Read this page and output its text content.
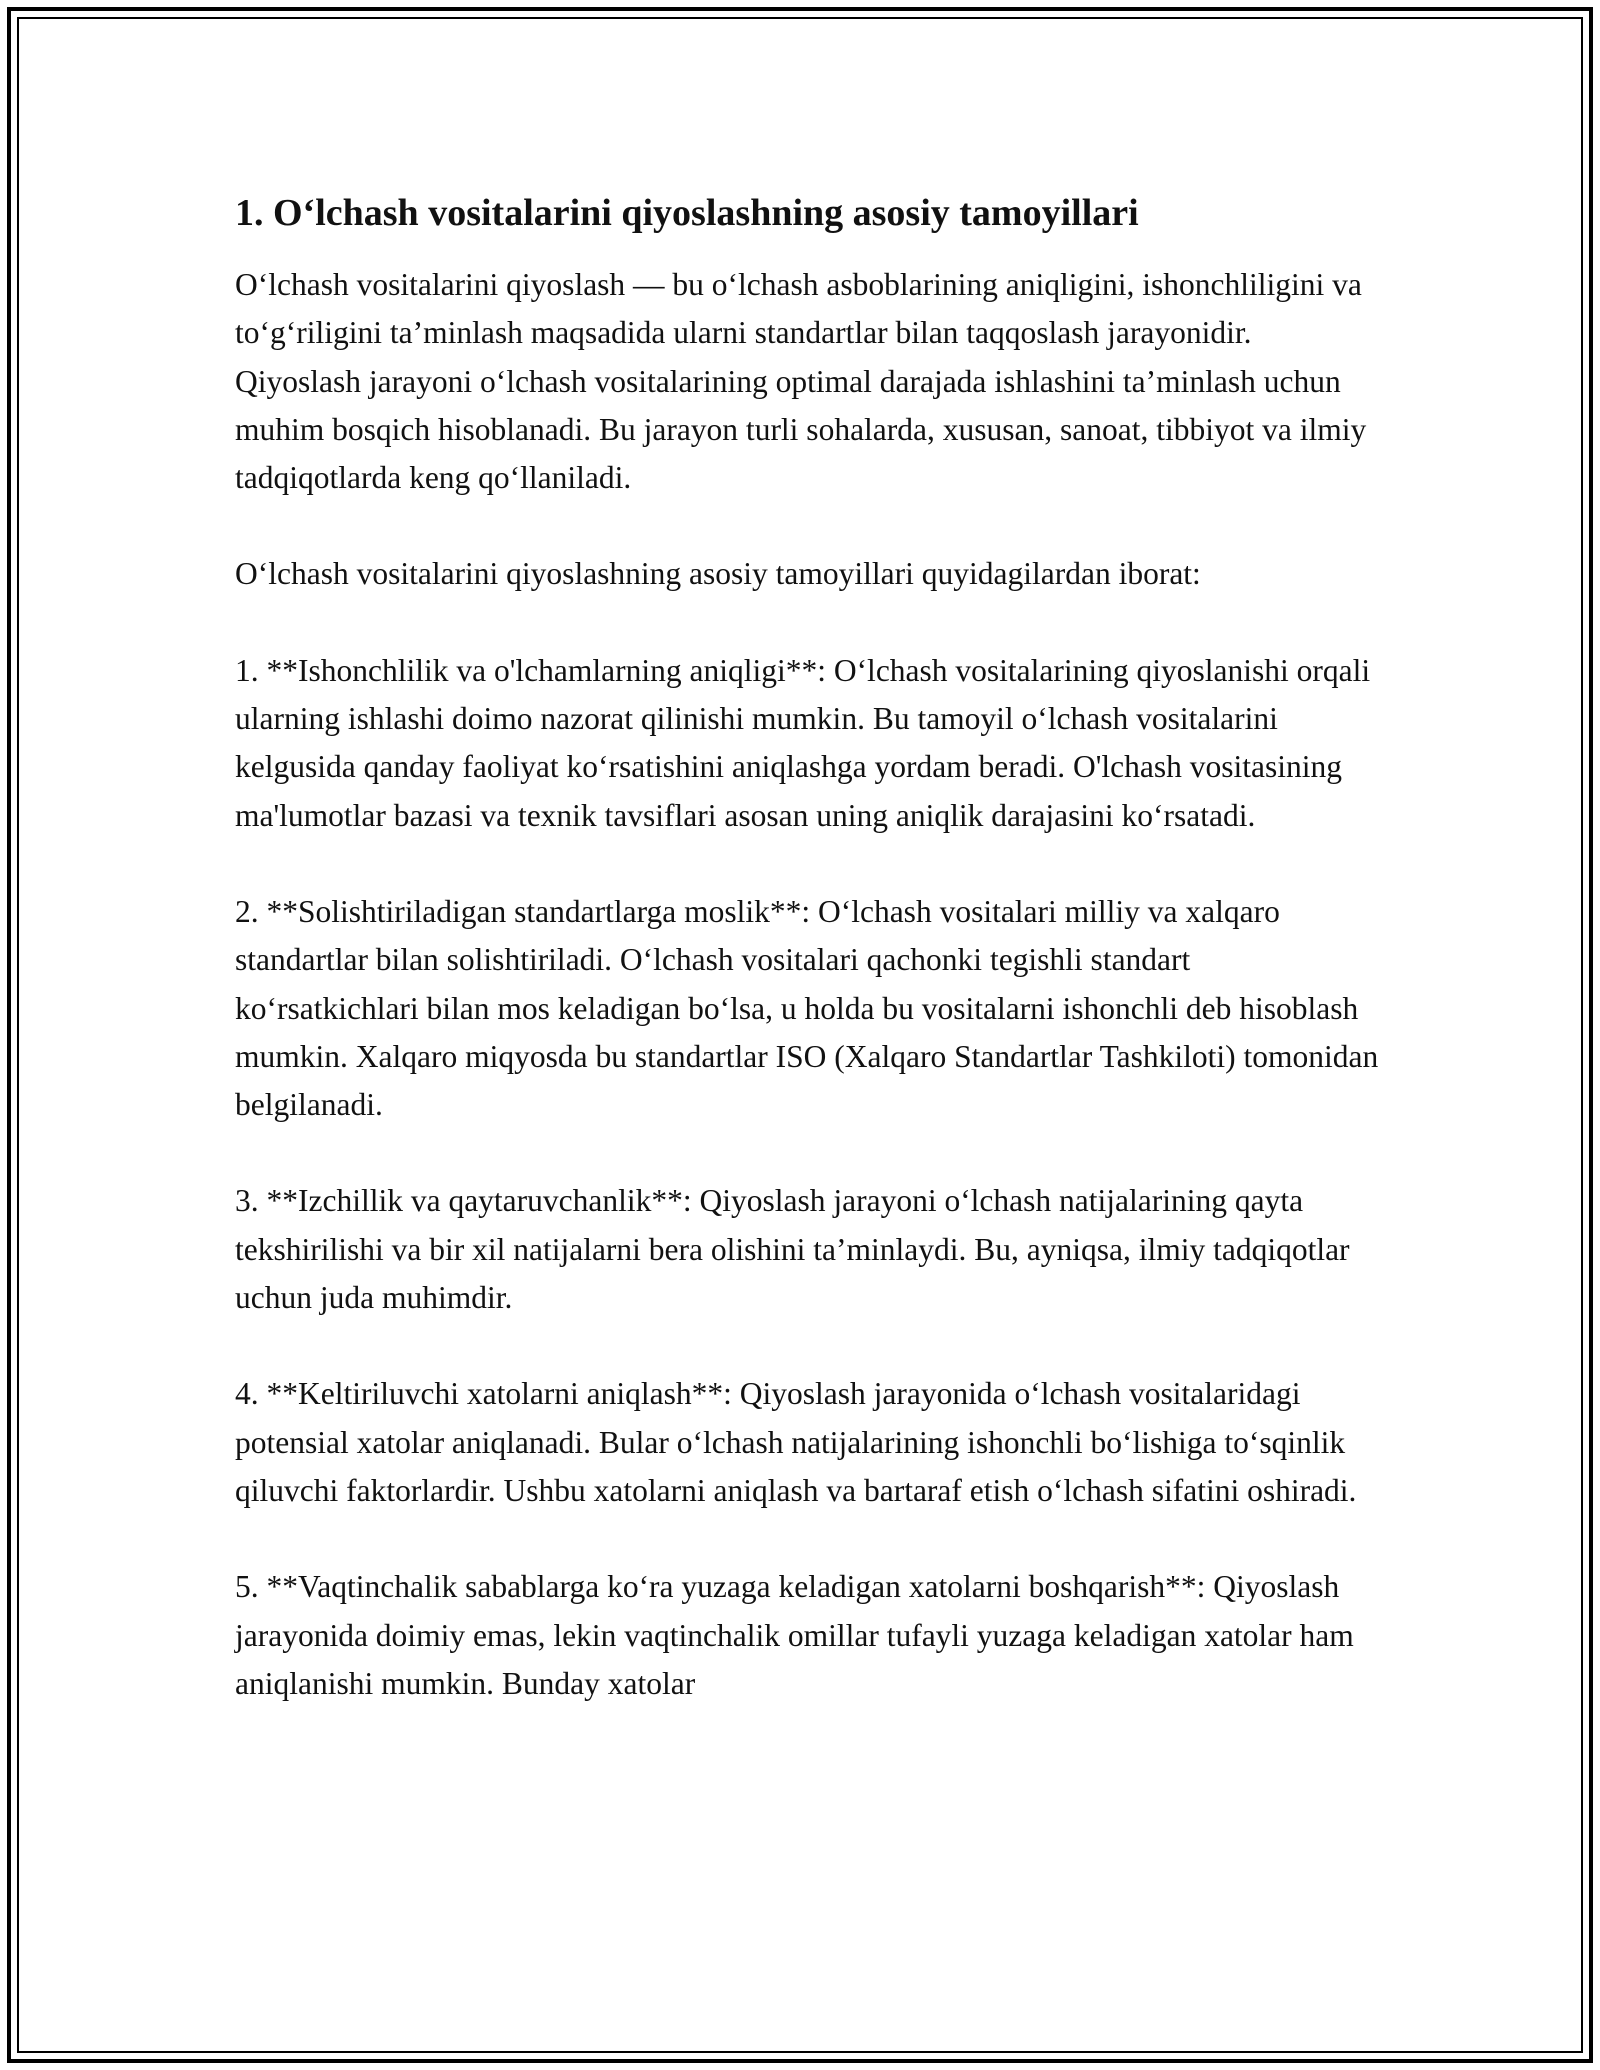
1. Oʻlchash vositalarini qiyoslashning asosiy tamoyillari

Oʻlchash vositalarini qiyoslash — bu oʻlchash asboblarining aniqligini, ishonchliligini va toʻgʻriligini taʼminlash maqsadida ularni standartlar bilan taqqoslash jarayonidir. Qiyoslash jarayoni oʻlchash vositalarining optimal darajada ishlashini taʼminlash uchun muhim bosqich hisoblanadi. Bu jarayon turli sohalarda, xususan, sanoat, tibbiyot va ilmiy tadqiqotlarda keng qoʻllaniladi.

Oʻlchash vositalarini qiyoslashning asosiy tamoyillari quyidagilardan iborat:

1. **Ishonchlilik va o'lchamlarning aniqligi**: Oʻlchash vositalarining qiyoslanishi orqali ularning ishlashi doimo nazorat qilinishi mumkin. Bu tamoyil oʻlchash vositalarini kelgusida qanday faoliyat koʻrsatishini aniqlashga yordam beradi. O'lchash vositasining ma'lumotlar bazasi va texnik tavsiflari asosan uning aniqlik darajasini koʻrsatadi.

2. **Solishtiriladigan standartlarga moslik**: Oʻlchash vositalari milliy va xalqaro standartlar bilan solishtiriladi. Oʻlchash vositalari qachonki tegishli standart koʻrsatkichlari bilan mos keladigan boʻlsa, u holda bu vositalarni ishonchli deb hisoblash mumkin. Xalqaro miqyosda bu standartlar ISO (Xalqaro Standartlar Tashkiloti) tomonidan belgilanadi.

3. **Izchillik va qaytaruvchanlik**: Qiyoslash jarayoni oʻlchash natijalarining qayta tekshirilishi va bir xil natijalarni bera olishini taʼminlaydi. Bu, ayniqsa, ilmiy tadqiqotlar uchun juda muhimdir.

4. **Keltiriluvchi xatolarni aniqlash**: Qiyoslash jarayonida oʻlchash vositalaridagi potensial xatolar aniqlanadi. Bular oʻlchash natijalarining ishonchli boʻlishiga toʻsqinlik qiluvchi faktorlardir. Ushbu xatolarni aniqlash va bartaraf etish oʻlchash sifatini oshiradi.

5. **Vaqtinchalik sabablarga koʻra yuzaga keladigan xatolarni boshqarish**: Qiyoslash jarayonida doimiy emas, lekin vaqtinchalik omillar tufayli yuzaga keladigan xatolar ham aniqlanishi mumkin. Bunday xatolar
